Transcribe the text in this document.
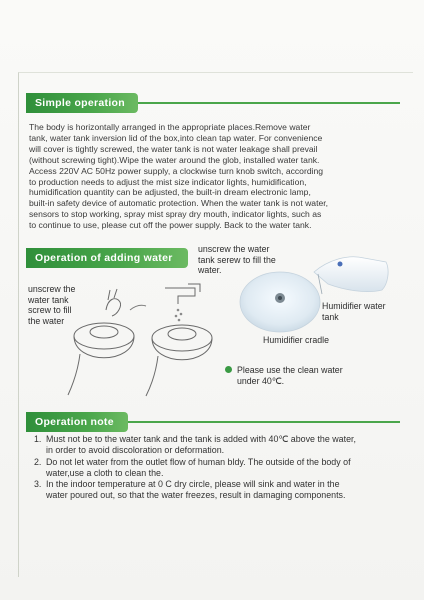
Simple operation
The body is horizontally arranged in the appropriate places.Remove water
tank, water tank inversion lid of the box,into clean tap water. For convenience
will cover is tightly screwed, the water tank is not water leakage shall prevail
(without screwing tight).Wipe the water around the glob, installed water tank.
Access 220V AC 50Hz power supply, a clockwise turn knob switch, according
to production needs to adjust the mist size indicator lights, humidification,
humidification quantity can be adjusted, the built-in dream electronic lamp,
built-in safety device of automatic protection. When the water tank is not water,
sensors to stop working, spray mist spray dry mouth, indicator lights, such as
to continue to use, please cut off the power supply. Back to the water tank.
Operation of adding water
unscrew the
water tank
screw to fill
the water
unscrew the water
tank serew to fill the
water.
Humidifier water
tank
Humidifier cradle
Please use the clean water
under 40℃.
Operation note
1. Must not be to the water tank and the tank is added with 40℃ above the water,
in order to avoid discoloration or deformation.
2. Do not let water from the outlet flow of human bldy. The outside of the body of
water,use a cloth to clean the.
3. In the indoor temperature at 0 C dry circle, please will sink and water in the
water poured out, so that the water freezes, result in damaging components.
